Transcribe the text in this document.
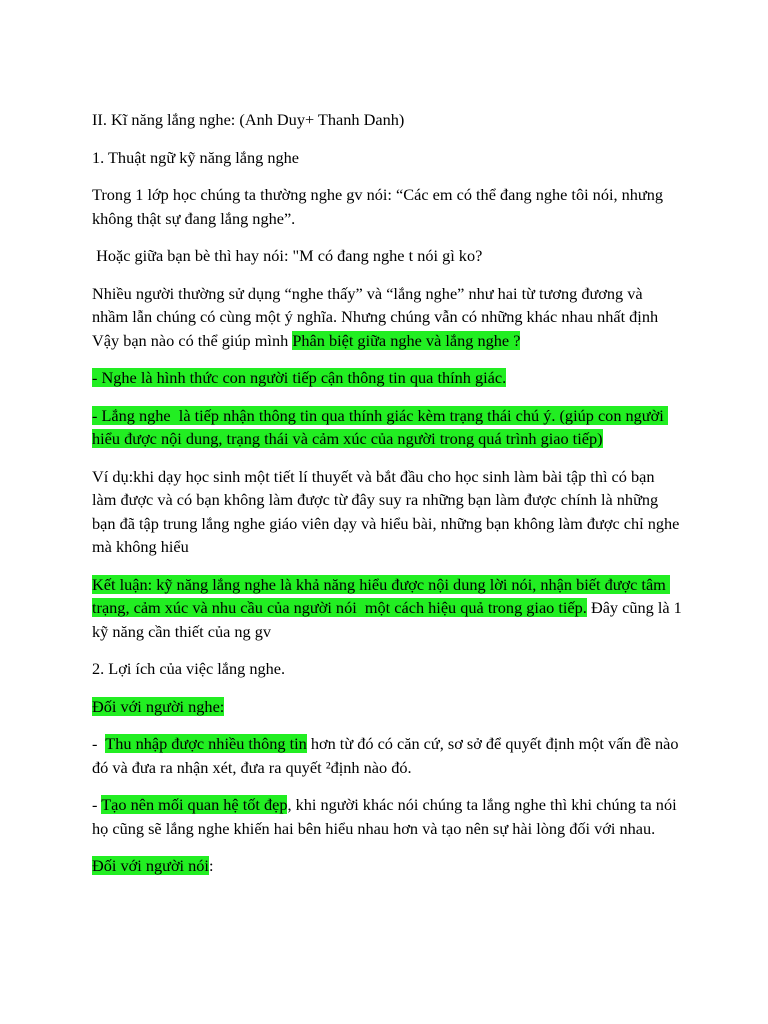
II. Kĩ năng lắng nghe: (Anh Duy+ Thanh Danh)

1. Thuật ngữ kỹ năng lắng nghe

Trong 1 lớp học chúng ta thường nghe gv nói: “Các em có thể đang nghe tôi nói, nhưng không thật sự đang lắng nghe”.

Hoặc giữa bạn bè thì hay nói: "M có đang nghe t nói gì ko?

Nhiều người thường sử dụng “nghe thấy” và “lắng nghe” như hai từ tương đương và nhầm lẫn chúng có cùng một ý nghĩa. Nhưng chúng vẫn có những khác nhau nhất định Vậy bạn nào có thể giúp mình Phân biệt giữa nghe và lắng nghe ?

- Nghe là hình thức con người tiếp cận thông tin qua thính giác.

- Lắng nghe  là tiếp nhận thông tin qua thính giác kèm trạng thái chú ý. (giúp con người hiểu được nội dung, trạng thái và cảm xúc của người trong quá trình giao tiếp)

Ví dụ:khi dạy học sinh một tiết lí thuyết và bắt đầu cho học sinh làm bài tập thì có bạn làm được và có bạn không làm được từ đây suy ra những bạn làm được chính là những bạn đã tập trung lắng nghe giáo viên dạy và hiểu bài, những bạn không làm được chỉ nghe mà không hiểu

Kết luận: kỹ năng lắng nghe là khả năng hiểu được nội dung lời nói, nhận biết được tâm trạng, cảm xúc và nhu cầu của người nói  một cách hiệu quả trong giao tiếp. Đây cũng là 1 kỹ năng cần thiết của ng gv

2. Lợi ích của việc lắng nghe.

Đối với người nghe:

-  Thu nhập được nhiều thông tin hơn từ đó có căn cứ, sơ sở để quyết định một vấn đề nào đó và đưa ra nhận xét, đưa ra quyết ²định nào đó.

- Tạo nên mối quan hệ tốt đẹp, khi người khác nói chúng ta lắng nghe thì khi chúng ta nói họ cũng sẽ lắng nghe khiến hai bên hiểu nhau hơn và tạo nên sự hài lòng đối với nhau.

Đối với người nói:
